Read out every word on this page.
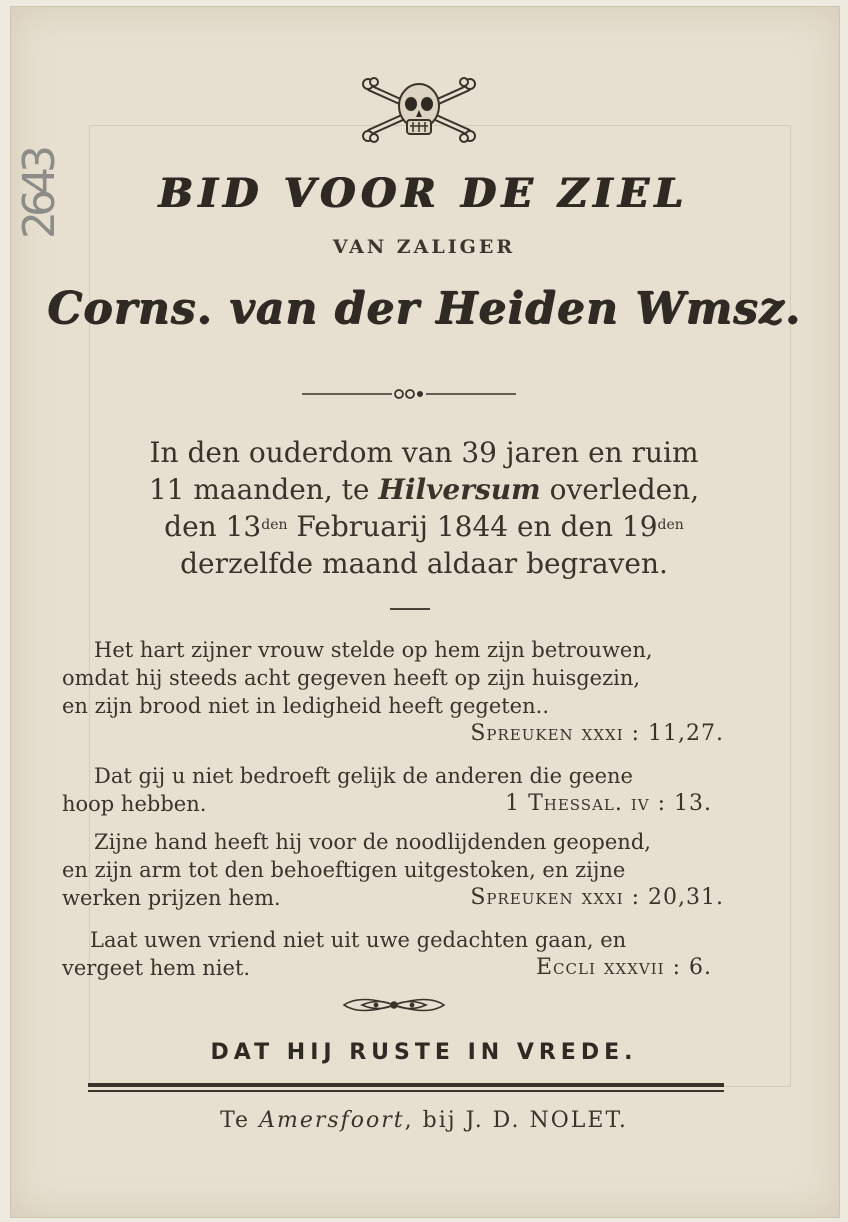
2643	BID VOOR DE ZIEL
VAN ZALIGER
Corns. van der Heiden Wmsz.
In den ouderdom van 39 jaren en ruim
11 maanden, te Hilversum overleden,
den $13^{den}$ Februarij 1844 en den $19^{den}$
derzelfde maand aldaar begraven.
Het hart zijner vrouw stelde op hem zijn betrouwen,
omdat hij steeds acht gegeven heeft op zijn huisgezin,
en zijn brood niet in ledigheid heeft gegeten..
Spreuken xxxi : 11,27.
Dat gij u niet bedroeft gelijk de anderen die geene
hoop hebben.	1 Thessal. iv : 13.
Zijne hand heeft hij voor de noodlijdenden geopend,
en zijn arm tot den behoeftigen uitgestoken, en zijne
werken prijzen hem.	Spreuken xxxi : 20,31.
Laat uwen vriend niet uit uwe gedachten gaan, en
vergeet hem niet.	Eccli xxxvii : 6.
DAT HIJ RUSTE IN VREDE.
Te Amersfoort, bij J. D. NOLET.
